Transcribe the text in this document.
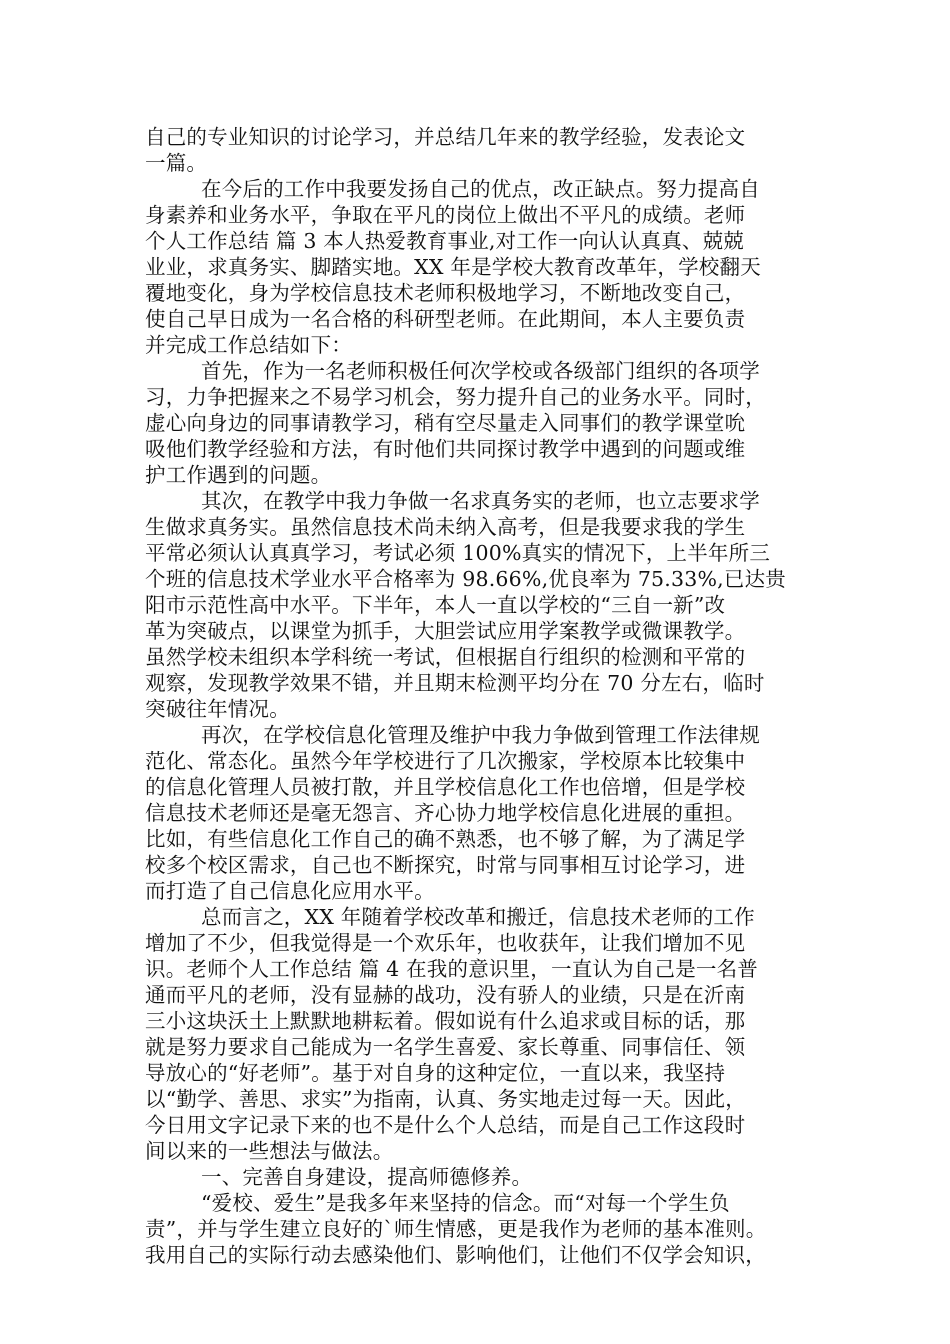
自己的专业知识的讨论学习，并总结几年来的教学经验，发表论文
一篇。
在今后的工作中我要发扬自己的优点，改正缺点。努力提高自
身素养和业务水平，争取在平凡的岗位上做出不平凡的成绩。老师
个人工作总结 篇 3 本人热爱教育事业,对工作一向认认真真、兢兢
业业，求真务实、脚踏实地。XX 年是学校大教育改革年，学校翻天
覆地变化，身为学校信息技术老师积极地学习，不断地改变自己，
使自己早日成为一名合格的科研型老师。在此期间，本人主要负责
并完成工作总结如下：
首先，作为一名老师积极任何次学校或各级部门组织的各项学
习，力争把握来之不易学习机会，努力提升自己的业务水平。同时，
虚心向身边的同事请教学习，稍有空尽量走入同事们的教学课堂吮
吸他们教学经验和方法，有时他们共同探讨教学中遇到的问题或维
护工作遇到的问题。
其次，在教学中我力争做一名求真务实的老师，也立志要求学
生做求真务实。虽然信息技术尚未纳入高考，但是我要求我的学生
平常必须认认真真学习，考试必须 100%真实的情况下，上半年所三
个班的信息技术学业水平合格率为 98.66%,优良率为 75.33%,已达贵
阳市示范性高中水平。下半年，本人一直以学校的“三自一新”改
革为突破点，以课堂为抓手，大胆尝试应用学案教学或微课教学。
虽然学校未组织本学科统一考试，但根据自行组织的检测和平常的
观察，发现教学效果不错，并且期末检测平均分在 70 分左右，临时
突破往年情况。
再次，在学校信息化管理及维护中我力争做到管理工作法律规
范化、常态化。虽然今年学校进行了几次搬家，学校原本比较集中
的信息化管理人员被打散，并且学校信息化工作也倍增，但是学校
信息技术老师还是毫无怨言、齐心协力地学校信息化进展的重担。
比如，有些信息化工作自己的确不熟悉，也不够了解，为了满足学
校多个校区需求，自己也不断探究，时常与同事相互讨论学习，进
而打造了自己信息化应用水平。
总而言之，XX 年随着学校改革和搬迁，信息技术老师的工作
增加了不少，但我觉得是一个欢乐年，也收获年，让我们增加不见
识。老师个人工作总结 篇 4 在我的意识里，一直认为自己是一名普
通而平凡的老师，没有显赫的战功，没有骄人的业绩，只是在沂南
三小这块沃土上默默地耕耘着。假如说有什么追求或目标的话，那
就是努力要求自己能成为一名学生喜爱、家长尊重、同事信任、领
导放心的“好老师”。基于对自身的这种定位，一直以来，我坚持
以“勤学、善思、求实”为指南，认真、务实地走过每一天。因此，
今日用文字记录下来的也不是什么个人总结，而是自己工作这段时
间以来的一些想法与做法。
一、完善自身建设，提高师德修养。
“爱校、爱生”是我多年来坚持的信念。而“对每一个学生负
责”，并与学生建立良好的`师生情感，更是我作为老师的基本准则。
我用自己的实际行动去感染他们、影响他们，让他们不仅学会知识，
